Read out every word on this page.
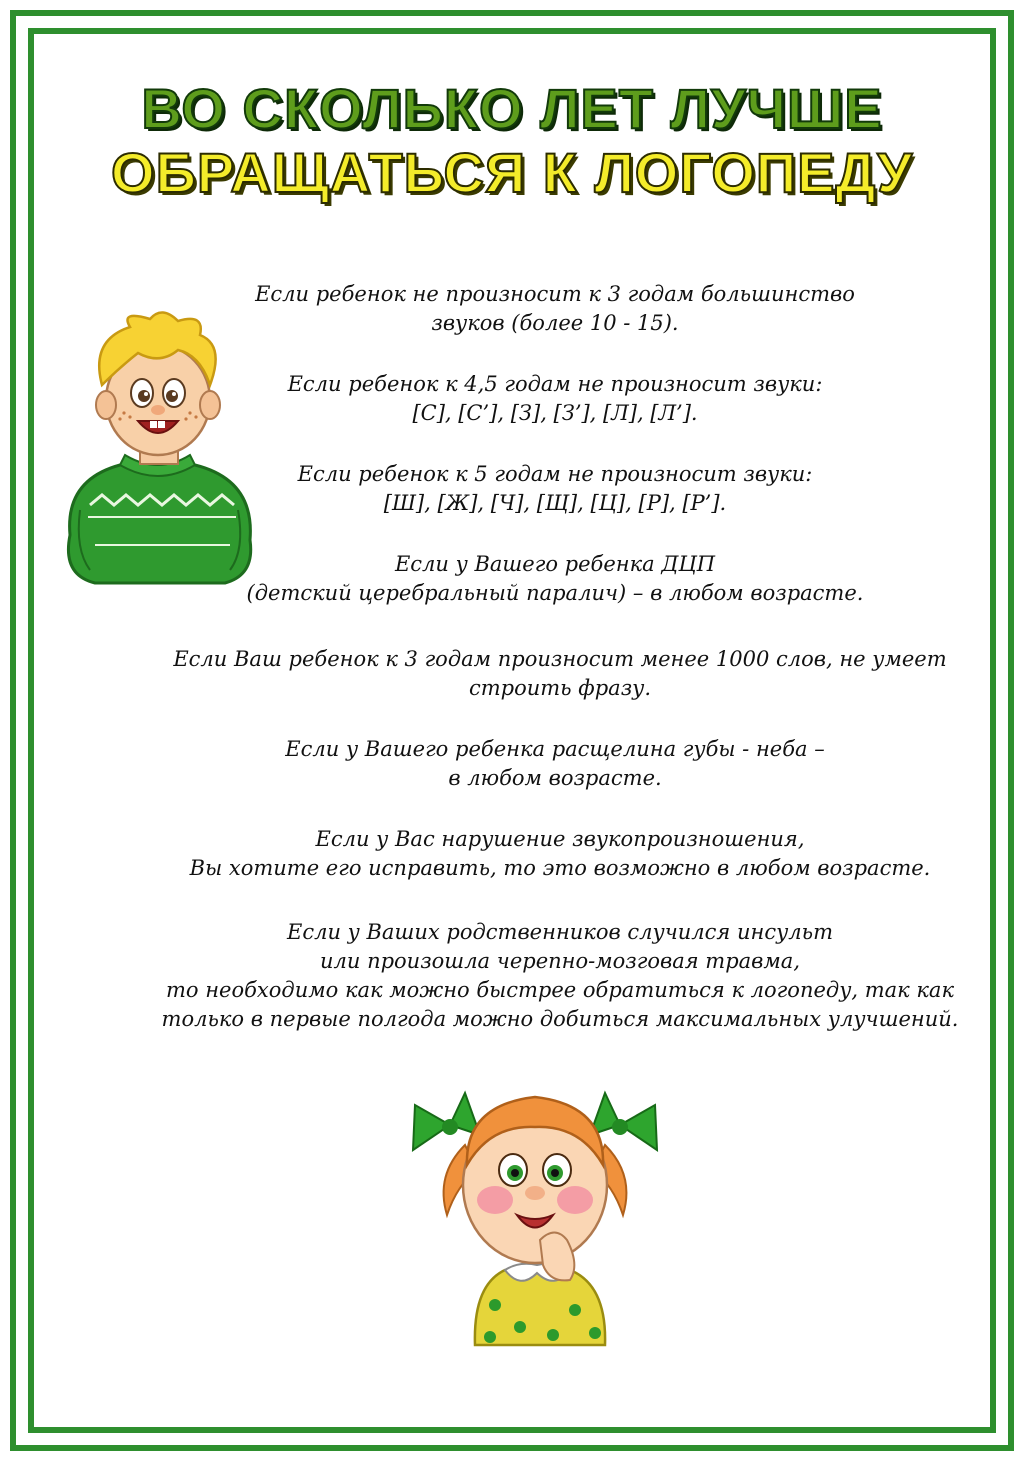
ВО СКОЛЬКО ЛЕТ ЛУЧШЕ
ОБРАЩАТЬСЯ К ЛОГОПЕДУ

Если ребенок не произносит к 3 годам большинство
звуков (более 10 - 15).

Если ребенок к 4,5 годам не произносит звуки:
[С], [С’], [З], [З’], [Л], [Л’].

Если ребенок к 5 годам не произносит звуки:
[Ш], [Ж], [Ч], [Щ], [Ц], [Р], [Р’].

Если у Вашего ребенка ДЦП
(детский церебральный паралич) – в любом возрасте.

Если Ваш ребенок к 3 годам произносит менее 1000 слов, не умеет
строить фразу.

Если у Вашего ребенка расщелина губы - неба –
в любом возрасте.

Если у Вас нарушение звукопроизношения,
Вы хотите его исправить, то это возможно в любом возрасте.

Если у Ваших родственников случился инсульт
или произошла черепно-мозговая травма,
то необходимо как можно быстрее обратиться к логопеду, так как
только в первые полгода можно добиться максимальных улучшений.
